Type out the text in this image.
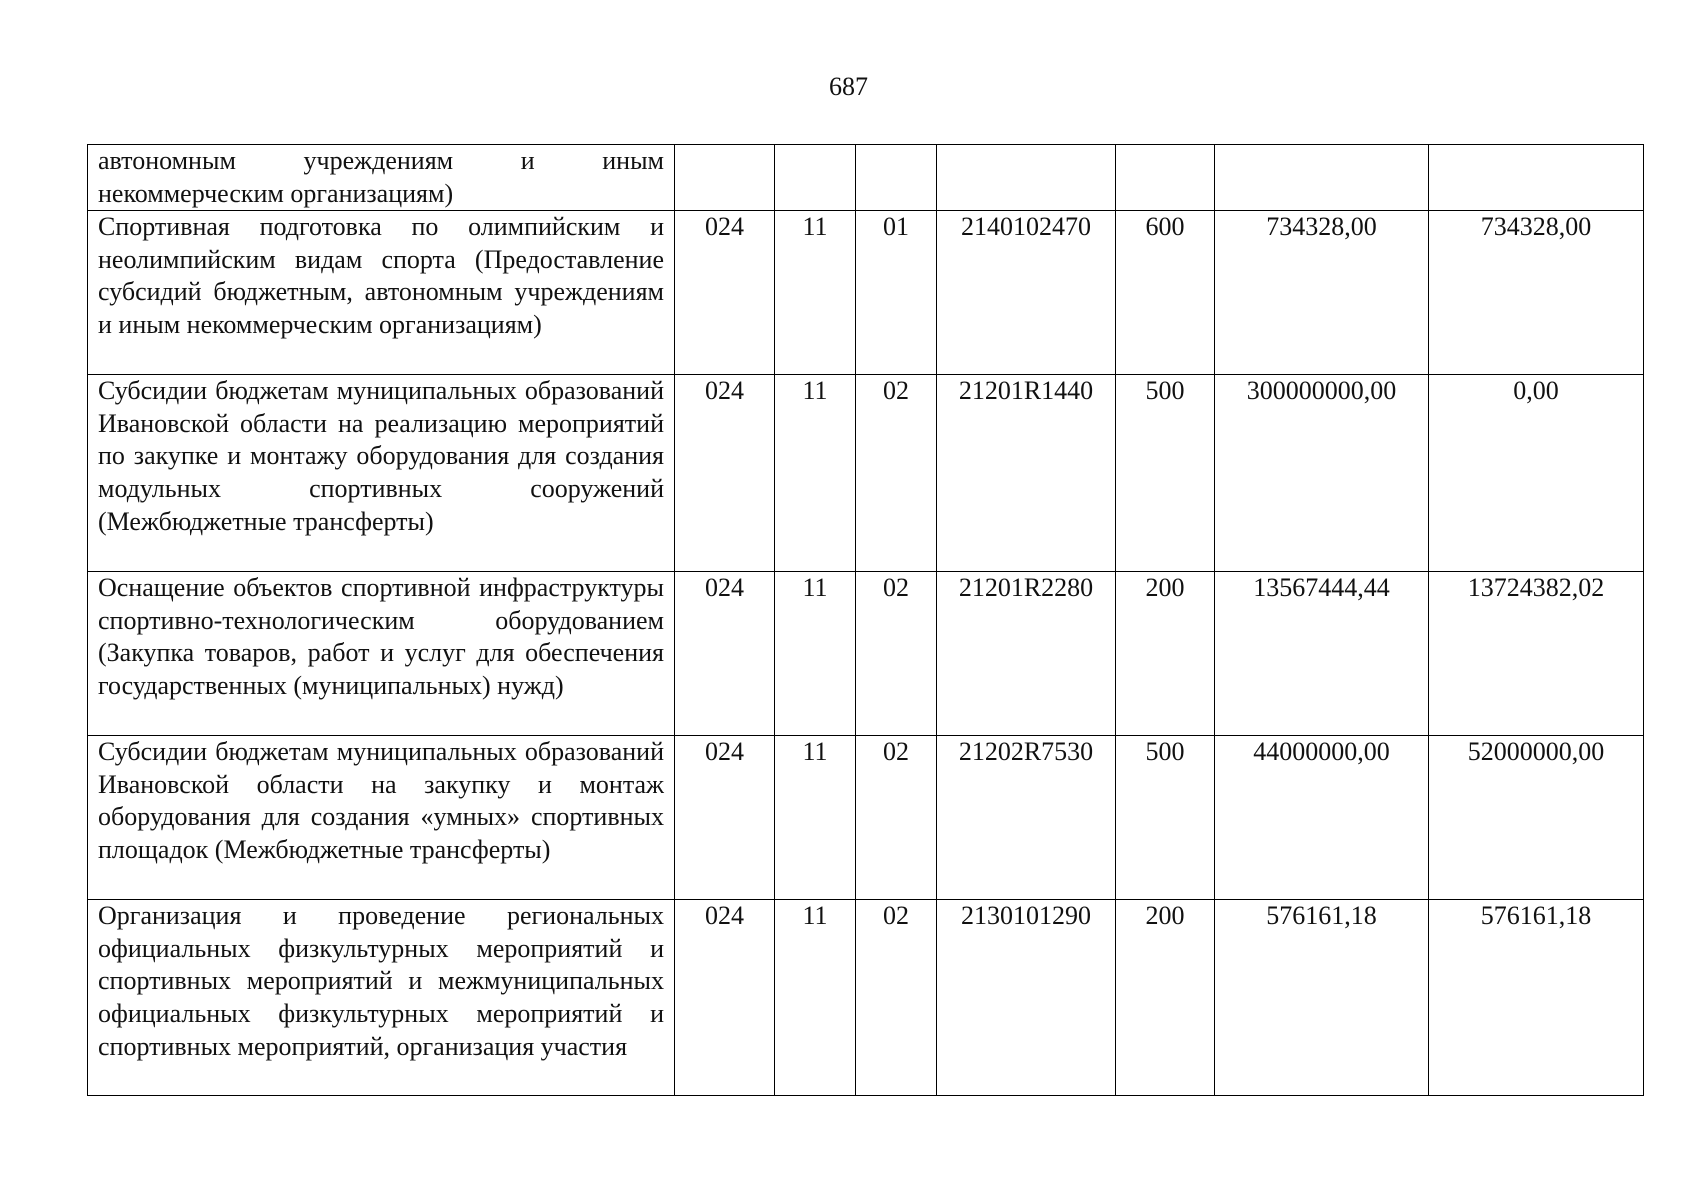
687
автономным учреждениям и иным некоммерческим организациям)							
Спортивная подготовка по олимпийским и неолимпийским видам спорта (Предоставление субсидий бюджетным, автономным учреждениям и иным некоммерческим организациям)	024	11	01	2140102470	600	734328,00	734328,00
Субсидии бюджетам муниципальных образований Ивановской области на реализацию мероприятий по закупке и монтажу оборудования для создания модульных спортивных сооружений (Межбюджетные трансферты)	024	11	02	21201R1440	500	300000000,00	0,00
Оснащение объектов спортивной инфраструктуры спортивно-технологическим оборудованием (Закупка товаров, работ и услуг для обеспечения государственных (муниципальных) нужд)	024	11	02	21201R2280	200	13567444,44	13724382,02
Субсидии бюджетам муниципальных образований Ивановской области на закупку и монтаж оборудования для создания «умных» спортивных площадок (Межбюджетные трансферты)	024	11	02	21202R7530	500	44000000,00	52000000,00
Организация и проведение региональных официальных физкультурных мероприятий и спортивных мероприятий и межмуниципальных официальных физкультурных мероприятий и спортивных мероприятий, организация участия	024	11	02	2130101290	200	576161,18	576161,18
